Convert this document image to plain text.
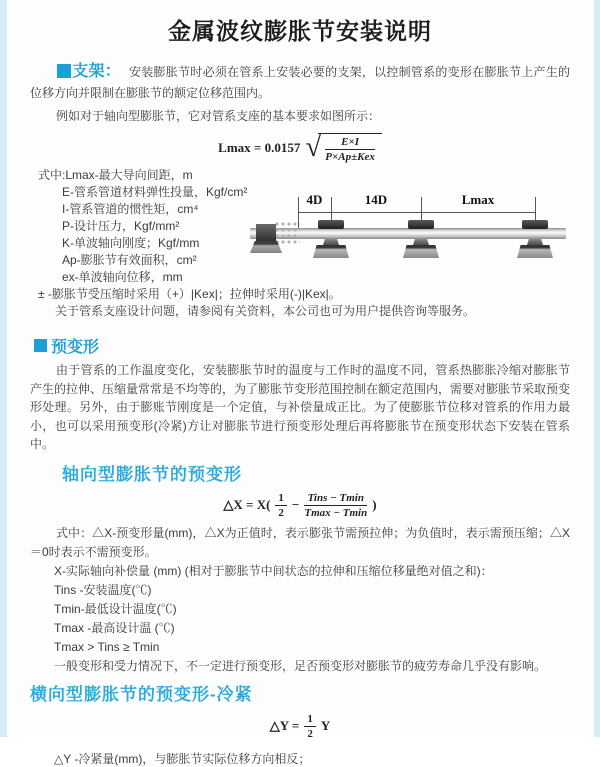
金属波纹膨胀节安装说明

支架： 安装膨胀节时必须在管系上安装必要的支架，以控制管系的变形在膨胀节上产生的位移方向并限制在膨胀节的额定位移范围内。

例如对于轴向型膨胀节，它对管系支座的基本要求如图所示：

Lmax = 0.0157 √ $\frac{E\times I}{\text{P×Ap±Kex}}$
式中:Lmax-最大导向间距，m
E-管系管道材料弹性投量，Kgf/cm²
I-管系管道的惯性矩，cm⁴
P-设计压力，Kgf/mm²
K-单波轴向刚度；Kgf/mm
Ap-膨胀节有效面积，cm²
ex-单波轴向位移，mm
± -膨胀节受压缩时采用（+）|Kex|；拉伸时采用(-)|Kex|。
关于管系支座设计问题，请参阅有关资料，本公司也可为用户提供咨询等服务。
4D	14D	Lmax
预变形

由于管系的工作温度变化，安装膨胀节时的温度与工作时的温度不同，管系热膨胀冷缩对膨胀节产生的拉伸、压缩量常常是不均等的，为了膨胀节变形范围控制在额定范围内，需要对膨胀节采取预变形处理。另外，由于膨账节刚度是一个定值，与补偿量成正比。为了使膨胀节位移对管系的作用力最小，也可以采用预变形(冷紧)方让对膨胀节进行预变形处理后再将膨胀节在预变形状态下安装在管系中。

轴向型膨胀节的预变形
△X = $X( \frac{1}{2} - \frac{\text{Tins − Tmin}}{Tmax - Tmin}$ )

式中：△X-预变形量(mm)，△X为正值时，表示膨张节需预拉伸；为负值时，表示需预压缩；△X＝0时表示不需预变形。

X-实际轴向补偿量 (mm) (相对于膨胀节中间状态的拉伸和压缩位移量绝对值之和)：
Tins -安装温度(℃)
Tmin-最低设计温度(℃)
Tmax -最高设计温 (℃)
Tmax > Tins ≥ Tmin
一般变形和受力情况下，不一定进行预变形，足否预变形对膨胀节的疲劳寿命几乎没有影响。
横向型膨胀节的预变形-冷紧
△Y = $\frac{1}{2}$ Y
△Y -冷紧量(mm)，与膨胀节实际位移方向相反；
